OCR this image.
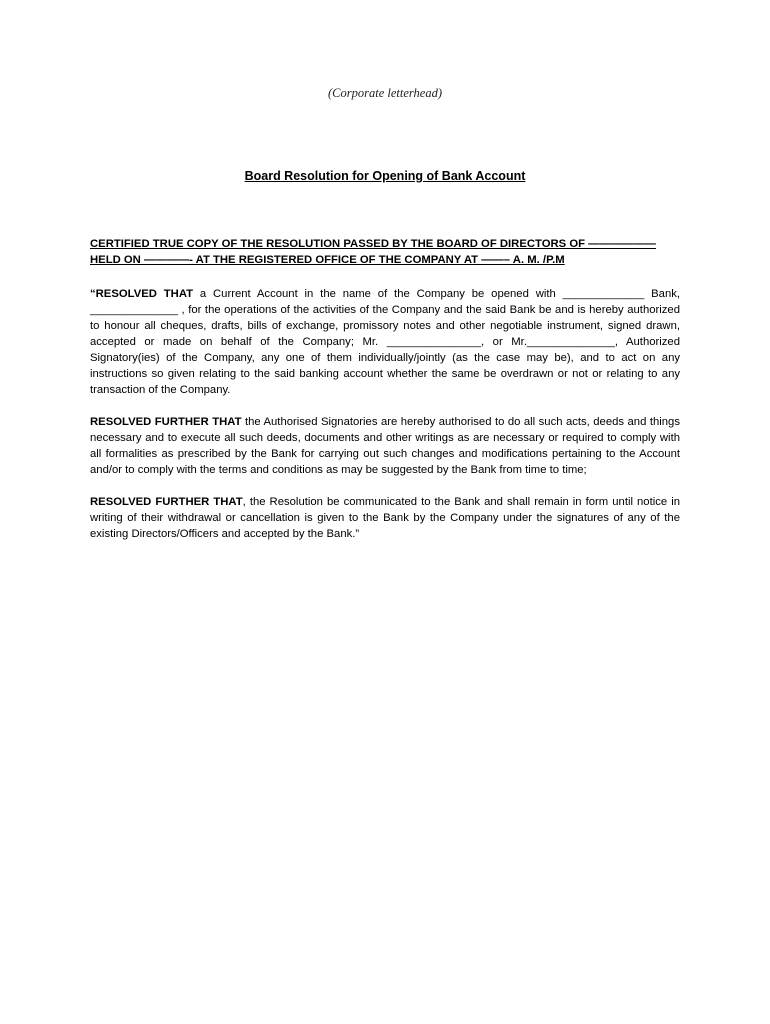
(Corporate letterhead)
Board Resolution for Opening of Bank Account

CERTIFIED TRUE COPY OF THE RESOLUTION PASSED BY THE BOARD OF DIRECTORS OF —————— HELD ON ————- AT THE REGISTERED OFFICE OF THE COMPANY AT ——– A. M. /P.M

“RESOLVED THAT a Current Account in the name of the Company be opened with _____________ Bank, ______________ , for the operations of the activities of the Company and the said Bank be and is hereby authorized to honour all cheques, drafts, bills of exchange, promissory notes and other negotiable instrument, signed drawn, accepted or made on behalf of the Company; Mr. _______________, or Mr.______________, Authorized Signatory(ies) of the Company, any one of them individually/jointly (as the case may be), and to act on any instructions so given relating to the said banking account whether the same be overdrawn or not or relating to any transaction of the Company.

RESOLVED FURTHER THAT the Authorised Signatories are hereby authorised to do all such acts, deeds and things necessary and to execute all such deeds, documents and other writings as are necessary or required to comply with all formalities as prescribed by the Bank for carrying out such changes and modifications pertaining to the Account and/or to comply with the terms and conditions as may be suggested by the Bank from time to time;

RESOLVED FURTHER THAT, the Resolution be communicated to the Bank and shall remain in form until notice in writing of their withdrawal or cancellation is given to the Bank by the Company under the signatures of any of the existing Directors/Officers and accepted by the Bank.”
